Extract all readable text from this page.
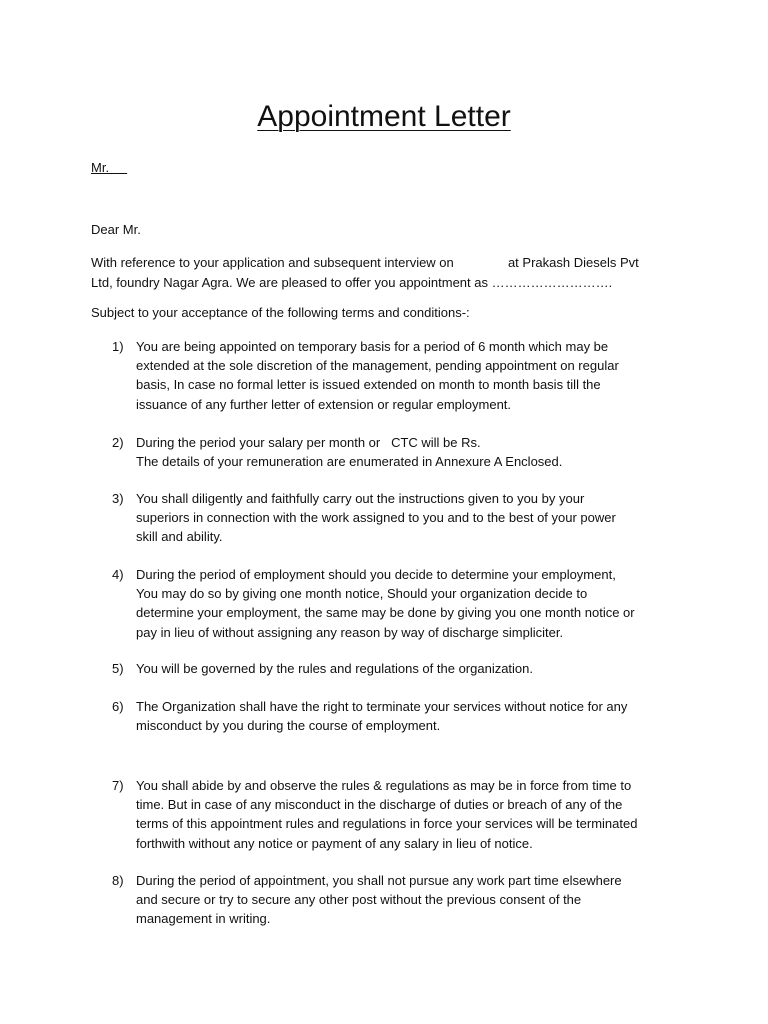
Appointment Letter
Mr.
Dear Mr.
With reference to your application and subsequent interview on               at Prakash Diesels Pvt
Ltd, foundry Nagar Agra. We are pleased to offer you appointment as ……………………….
Subject to your acceptance of the following terms and conditions-:
1) You are being appointed on temporary basis for a period of 6 month which may be
extended at the sole discretion of the management, pending appointment on regular
basis, In case no formal letter is issued extended on month to month basis till the
issuance of any further letter of extension or regular employment.
2) During the period your salary per month or   CTC will be Rs.
The details of your remuneration are enumerated in Annexure A Enclosed.
3) You shall diligently and faithfully carry out the instructions given to you by your
superiors in connection with the work assigned to you and to the best of your power
skill and ability.
4) During the period of employment should you decide to determine your employment,
You may do so by giving one month notice, Should your organization decide to
determine your employment, the same may be done by giving you one month notice or
pay in lieu of without assigning any reason by way of discharge simpliciter.
5) You will be governed by the rules and regulations of the organization.
6) The Organization shall have the right to terminate your services without notice for any
misconduct by you during the course of employment.
7) You shall abide by and observe the rules & regulations as may be in force from time to
time. But in case of any misconduct in the discharge of duties or breach of any of the
terms of this appointment rules and regulations in force your services will be terminated
forthwith without any notice or payment of any salary in lieu of notice.
8) During the period of appointment, you shall not pursue any work part time elsewhere
and secure or try to secure any other post without the previous consent of the
management in writing.
